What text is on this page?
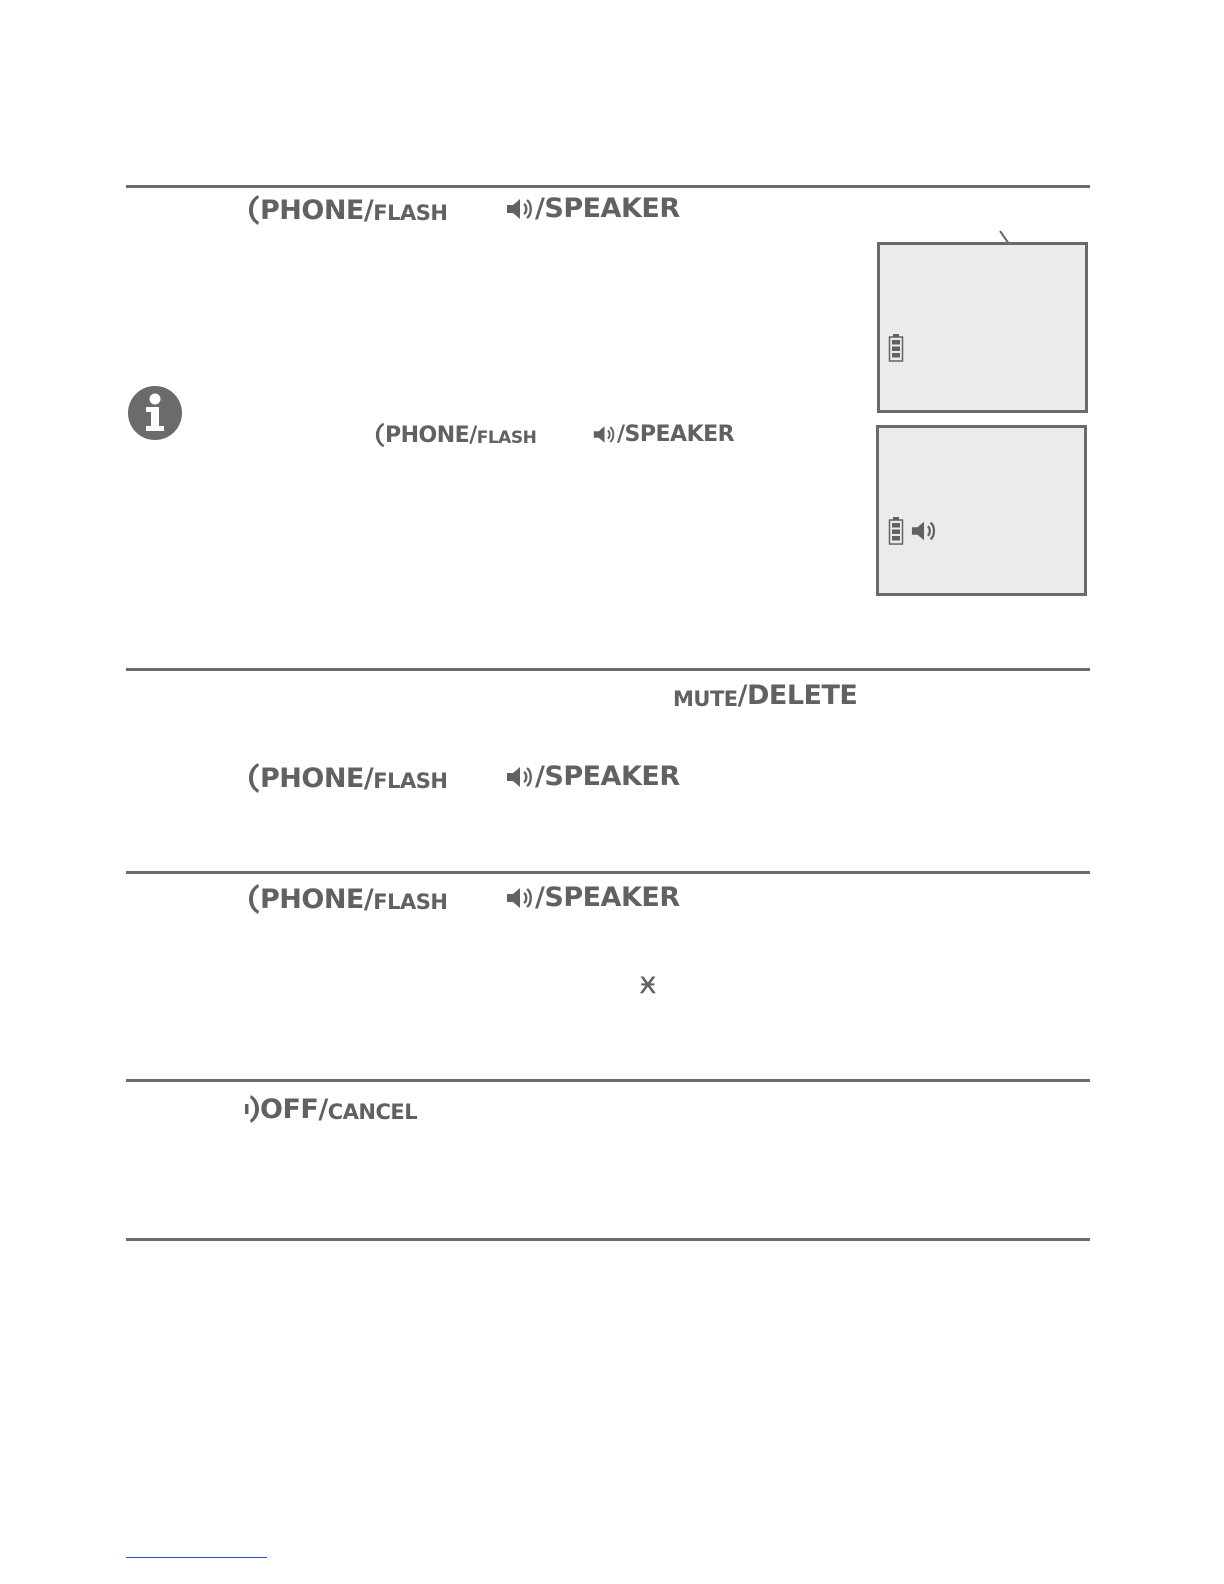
PHONE / FLASH	/ SPEAKER
PHONE / FLASH	/ SPEAKER
MUTE / DELETE
PHONE / FLASH	/ SPEAKER
PHONE / FLASH	/ SPEAKER
ӿ
OFF / CANCEL
